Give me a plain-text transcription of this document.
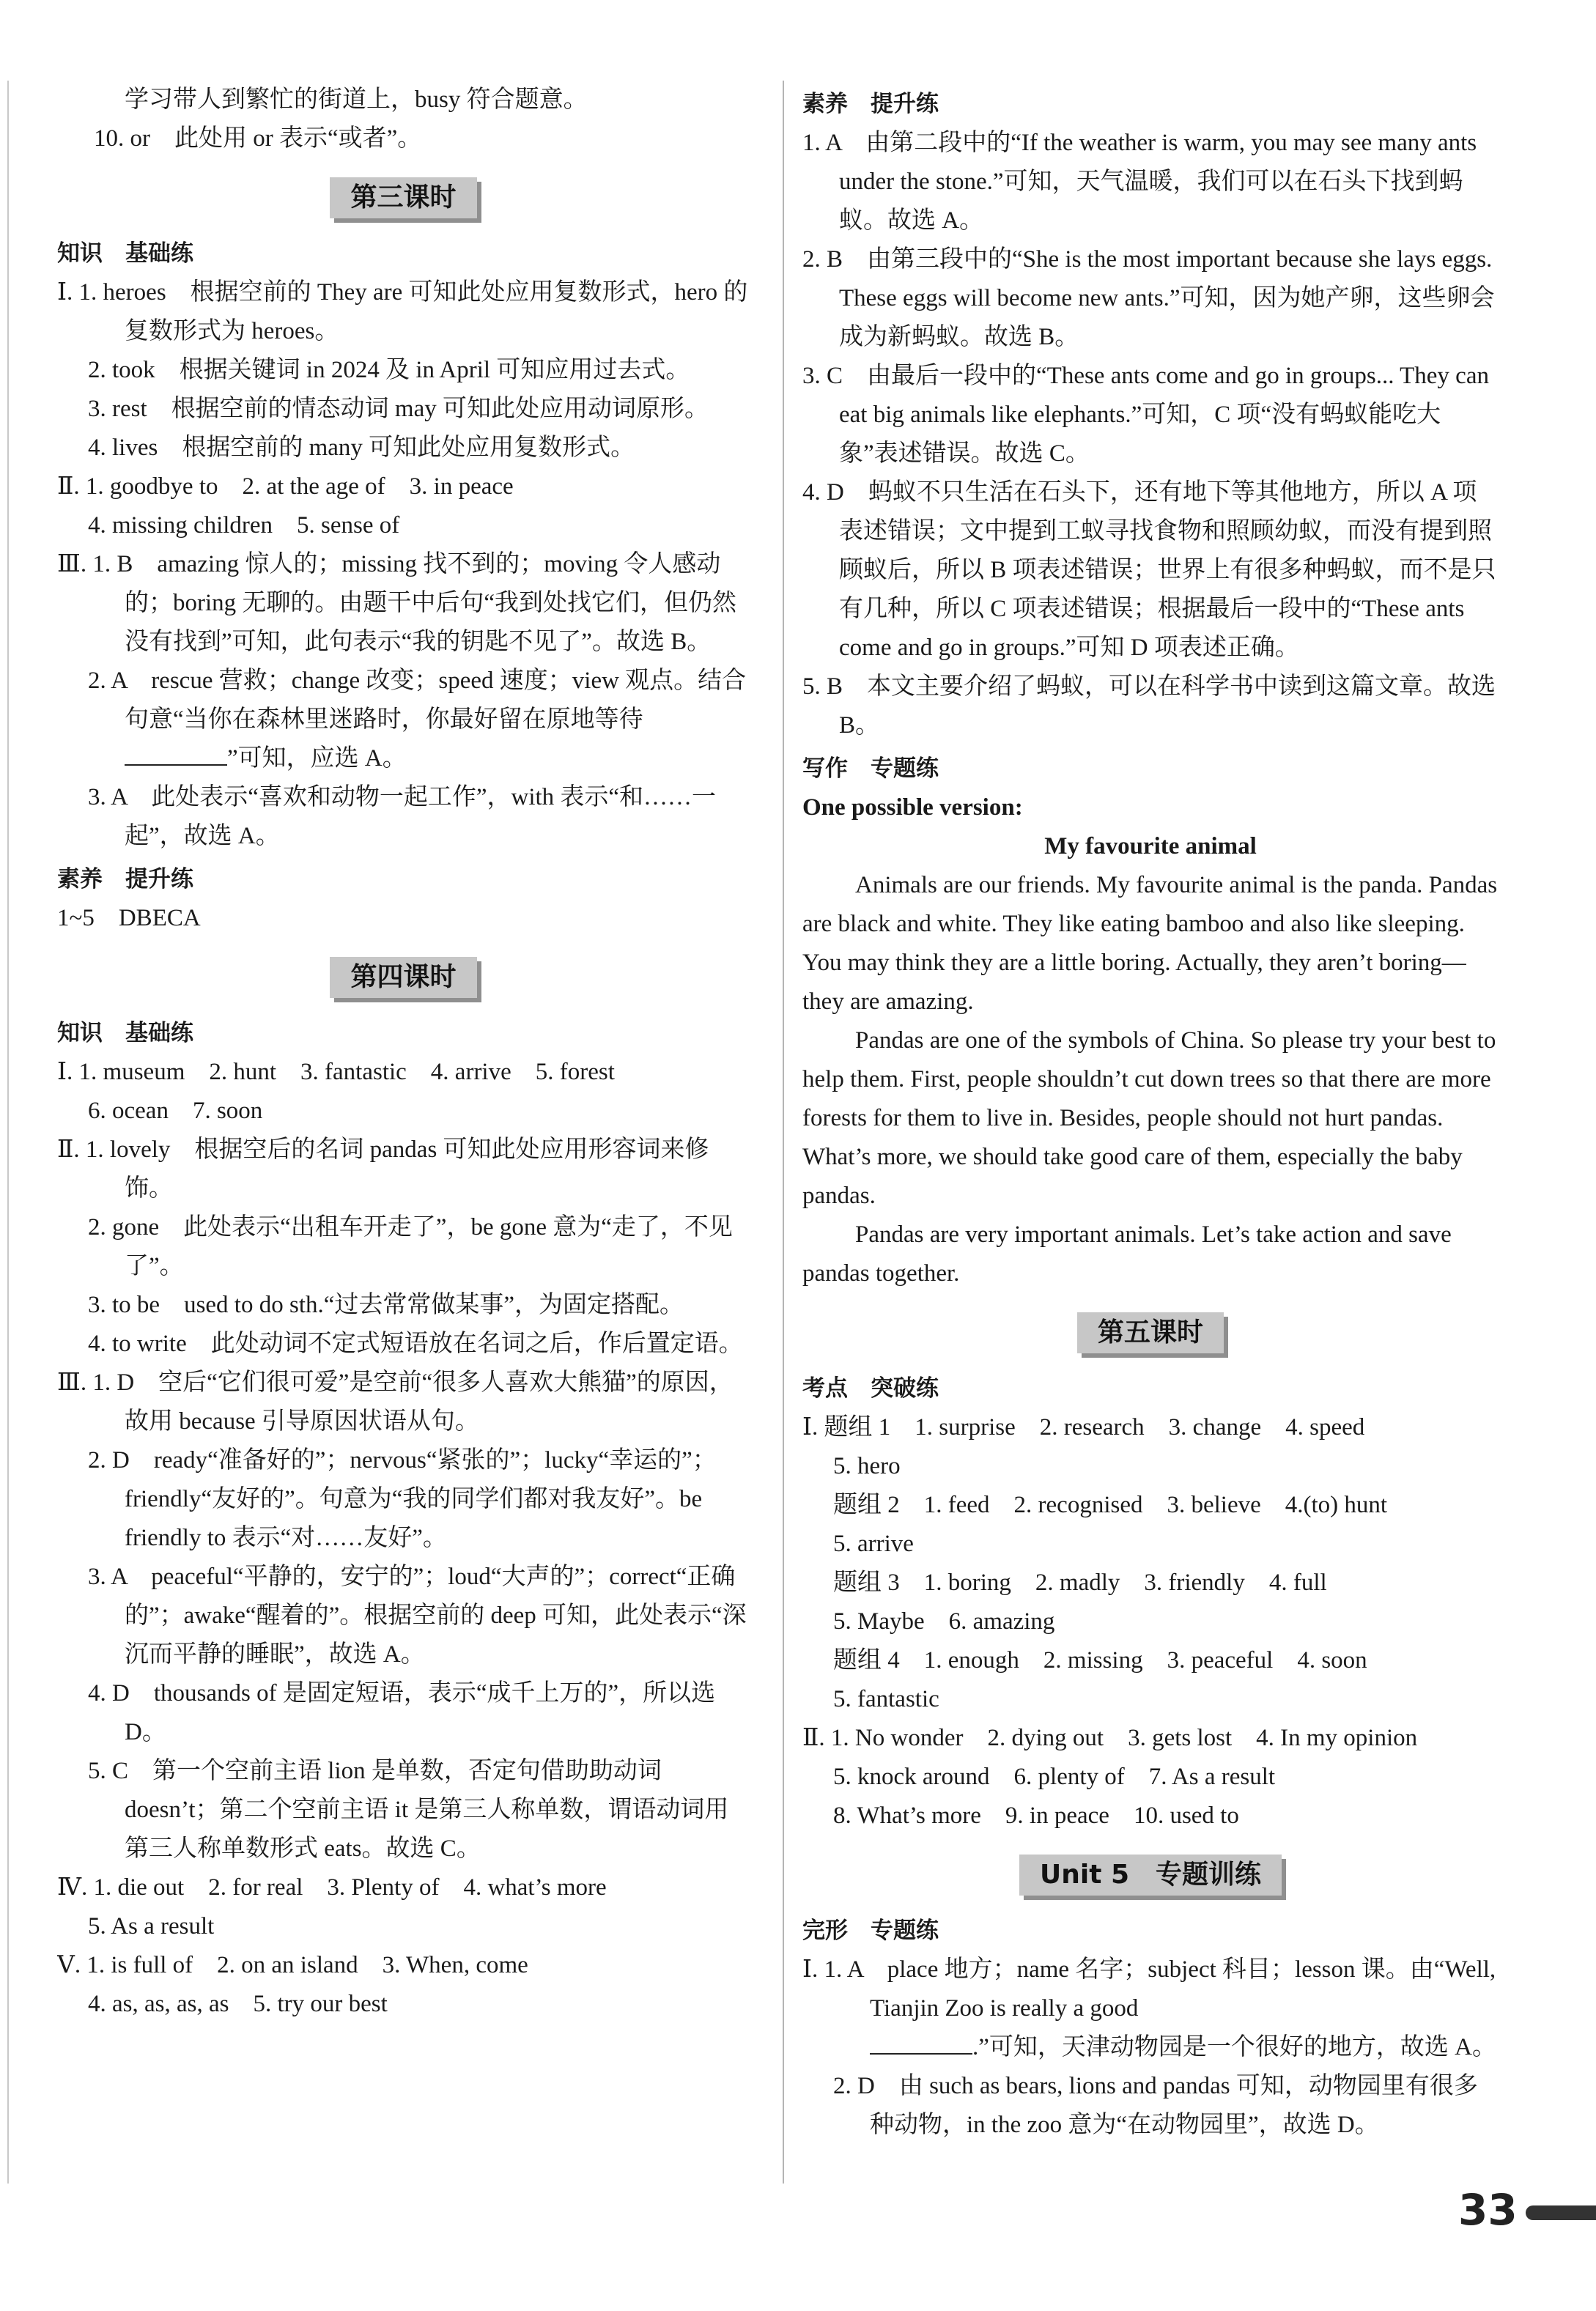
学习带人到繁忙的街道上，busy 符合题意。

10. or　此处用 or 表示“或者”。

第三课时

知识　基础练

Ⅰ. 1. heroes　根据空前的 They are 可知此处应用复数形式，hero 的复数形式为 heroes。

2. took　根据关键词 in 2024 及 in April 可知应用过去式。

3. rest　根据空前的情态动词 may 可知此处应用动词原形。

4. lives　根据空前的 many 可知此处应用复数形式。

Ⅱ. 1. goodbye to　2. at the age of　3. in peace

4. missing children　5. sense of

Ⅲ. 1. B　amazing 惊人的；missing 找不到的；moving 令人感动的；boring 无聊的。由题干中后句“我到处找它们，但仍然没有找到”可知，此句表示“我的钥匙不见了”。故选 B。

2. A　rescue 营救；change 改变；speed 速度；view 观点。结合句意“当你在森林里迷路时，你最好留在原地等待

”可知，应选 A。

3. A　此处表示“喜欢和动物一起工作”，with 表示“和……一起”，故选 A。

素养　提升练

1~5　DBECA

第四课时

知识　基础练

Ⅰ. 1. museum　2. hunt　3. fantastic　4. arrive　5. forest

6. ocean　7. soon

Ⅱ. 1. lovely　根据空后的名词 pandas 可知此处应用形容词来修饰。

2. gone　此处表示“出租车开走了”，be gone 意为“走了，不见了”。

3. to be　used to do sth.“过去常常做某事”，为固定搭配。

4. to write　此处动词不定式短语放在名词之后，作后置定语。

Ⅲ. 1. D　空后“它们很可爱”是空前“很多人喜欢大熊猫”的原因，故用 because 引导原因状语从句。

2. D　ready“准备好的”；nervous“紧张的”；lucky“幸运的”；friendly“友好的”。句意为“我的同学们都对我友好”。be friendly to 表示“对……友好”。

3. A　peaceful“平静的，安宁的”；loud“大声的”；correct“正确的”；awake“醒着的”。根据空前的 deep 可知，此处表示“深沉而平静的睡眠”，故选 A。

4. D　thousands of 是固定短语，表示“成千上万的”，所以选 D。

5. C　第一个空前主语 lion 是单数，否定句借助助动词 doesn’t；第二个空前主语 it 是第三人称单数，谓语动词用第三人称单数形式 eats。故选 C。

Ⅳ. 1. die out　2. for real　3. Plenty of　4. what’s more

5. As a result

Ⅴ. 1. is full of　2. on an island　3. When, come

4. as, as, as, as　5. try our best

素养　提升练

1. A　由第二段中的“If the weather is warm, you may see many ants under the stone.”可知，天气温暖，我们可以在石头下找到蚂蚁。故选 A。

2. B　由第三段中的“She is the most important because she lays eggs. These eggs will become new ants.”可知，因为她产卵，这些卵会成为新蚂蚁。故选 B。

3. C　由最后一段中的“These ants come and go in groups... They can eat big animals like elephants.”可知，C 项“没有蚂蚁能吃大象”表述错误。故选 C。

4. D　蚂蚁不只生活在石头下，还有地下等其他地方，所以 A 项表述错误；文中提到工蚁寻找食物和照顾幼蚁，而没有提到照顾蚁后，所以 B 项表述错误；世界上有很多种蚂蚁，而不是只有几种，所以 C 项表述错误；根据最后一段中的“These ants come and go in groups.”可知 D 项表述正确。

5. B　本文主要介绍了蚂蚁，可以在科学书中读到这篇文章。故选 B。

写作　专题练

One possible version:

My favourite animal

Animals are our friends. My favourite animal is the panda. Pandas are black and white. They like eating bamboo and also like sleeping. You may think they are a little boring. Actually, they aren’t boring—they are amazing.

Pandas are one of the symbols of China. So please try your best to help them. First, people shouldn’t cut down trees so that there are more forests for them to live in. Besides, people should not hurt pandas. What’s more, we should take good care of them, especially the baby pandas.

Pandas are very important animals. Let’s take action and save pandas together.

第五课时

考点　突破练

Ⅰ. 题组 1　1. surprise　2. research　3. change　4. speed

5. hero

题组 2　1. feed　2. recognised　3. believe　4.(to) hunt

5. arrive

题组 3　1. boring　2. madly　3. friendly　4. full

5. Maybe　6. amazing

题组 4　1. enough　2. missing　3. peaceful　4. soon

5. fantastic

Ⅱ. 1. No wonder　2. dying out　3. gets lost　4. In my opinion

5. knock around　6. plenty of　7. As a result

8. What’s more　9. in peace　10. used to

Unit 5　专题训练

完形　专题练

Ⅰ. 1. A　place 地方；name 名字；subject 科目；lesson 课。由“Well, Tianjin Zoo is really a good

.”可知，天津动物园是一个很好的地方，故选 A。

2. D　由 such as bears, lions and pandas 可知，动物园里有很多种动物，in the zoo 意为“在动物园里”，故选 D。

33
